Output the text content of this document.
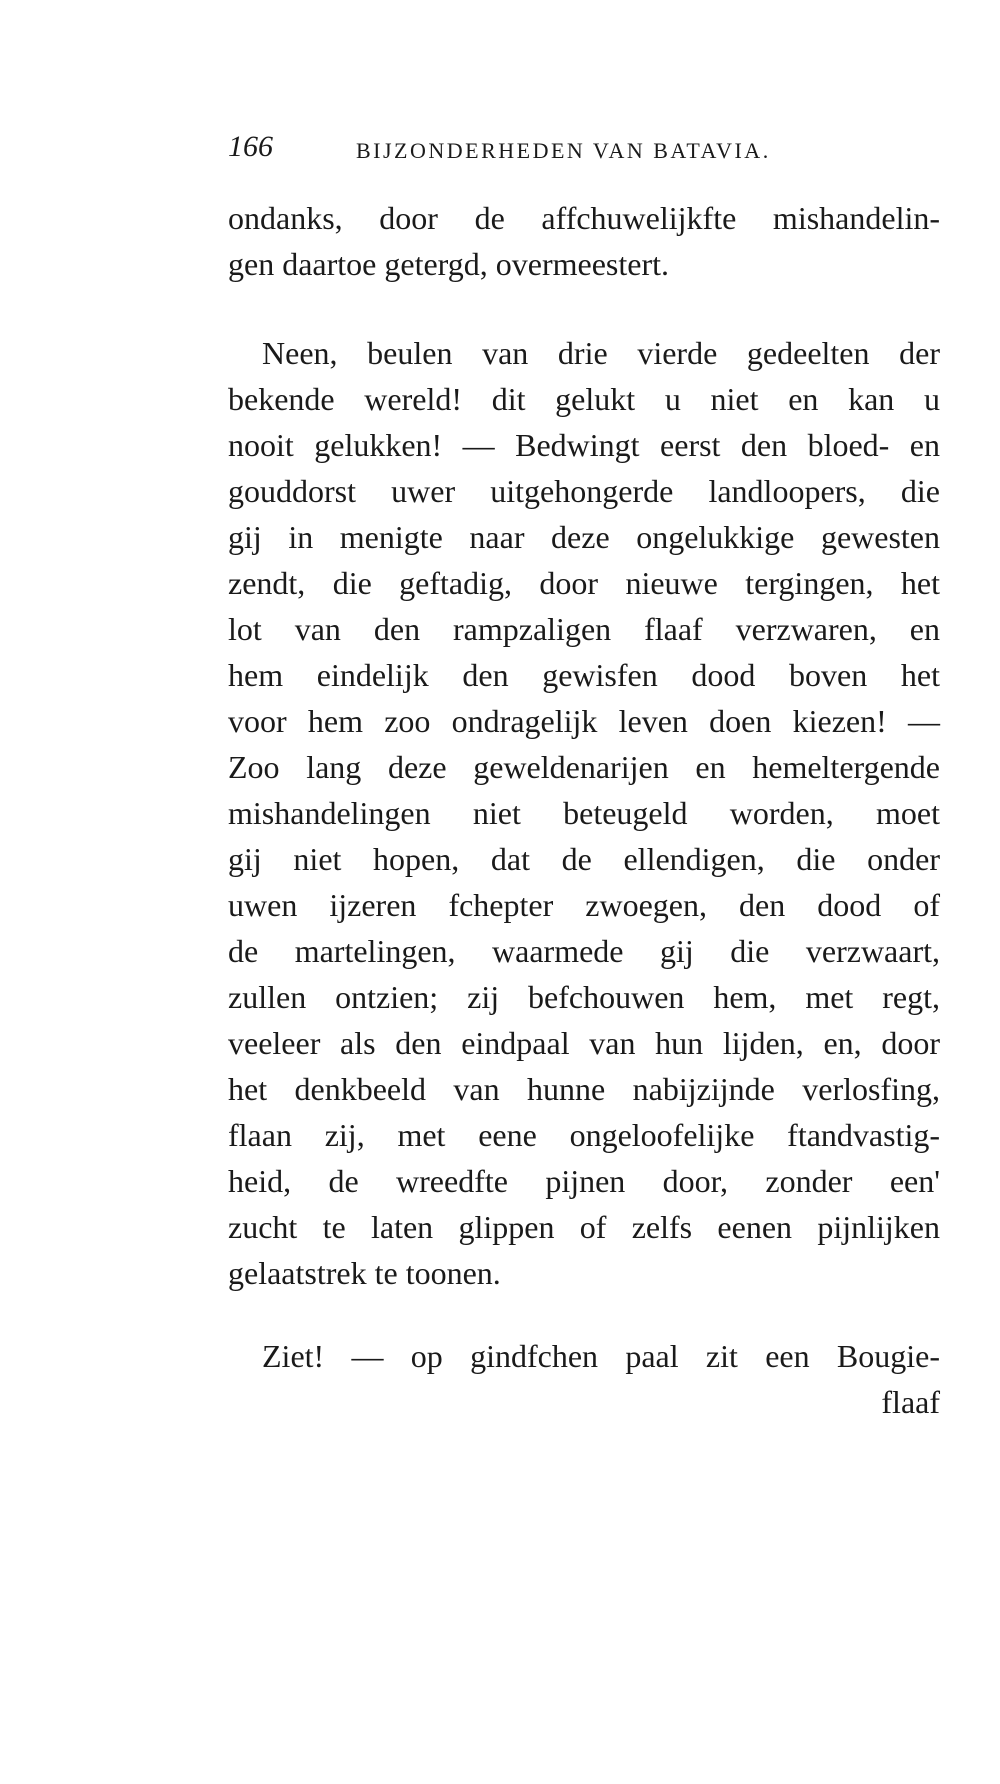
166	BIJZONDERHEDEN VAN BATAVIA.
ondanks, door de affchuwelijkfte mishandelin-
gen daartoe getergd, overmeestert.
Neen, beulen van drie vierde gedeelten der
bekende wereld! dit gelukt u niet en kan u
nooit gelukken! — Bedwingt eerst den bloed- en
gouddorst uwer uitgehongerde landloopers, die
gij in menigte naar deze ongelukkige gewesten
zendt, die geftadig, door nieuwe tergingen, het
lot van den rampzaligen flaaf verzwaren, en
hem eindelijk den gewisfen dood boven het
voor hem zoo ondragelijk leven doen kiezen! —
Zoo lang deze geweldenarijen en hemeltergende
mishandelingen niet beteugeld worden, moet
gij niet hopen, dat de ellendigen, die onder
uwen ijzeren fchepter zwoegen, den dood of
de martelingen, waarmede gij die verzwaart,
zullen ontzien; zij befchouwen hem, met regt,
veeleer als den eindpaal van hun lijden, en, door
het denkbeeld van hunne nabijzijnde verlosfing,
flaan zij, met eene ongeloofelijke ftandvastig-
heid, de wreedfte pijnen door, zonder een'
zucht te laten glippen of zelfs eenen pijnlijken
gelaatstrek te toonen.
Ziet! — op gindfchen paal zit een Bougie-
flaaf
